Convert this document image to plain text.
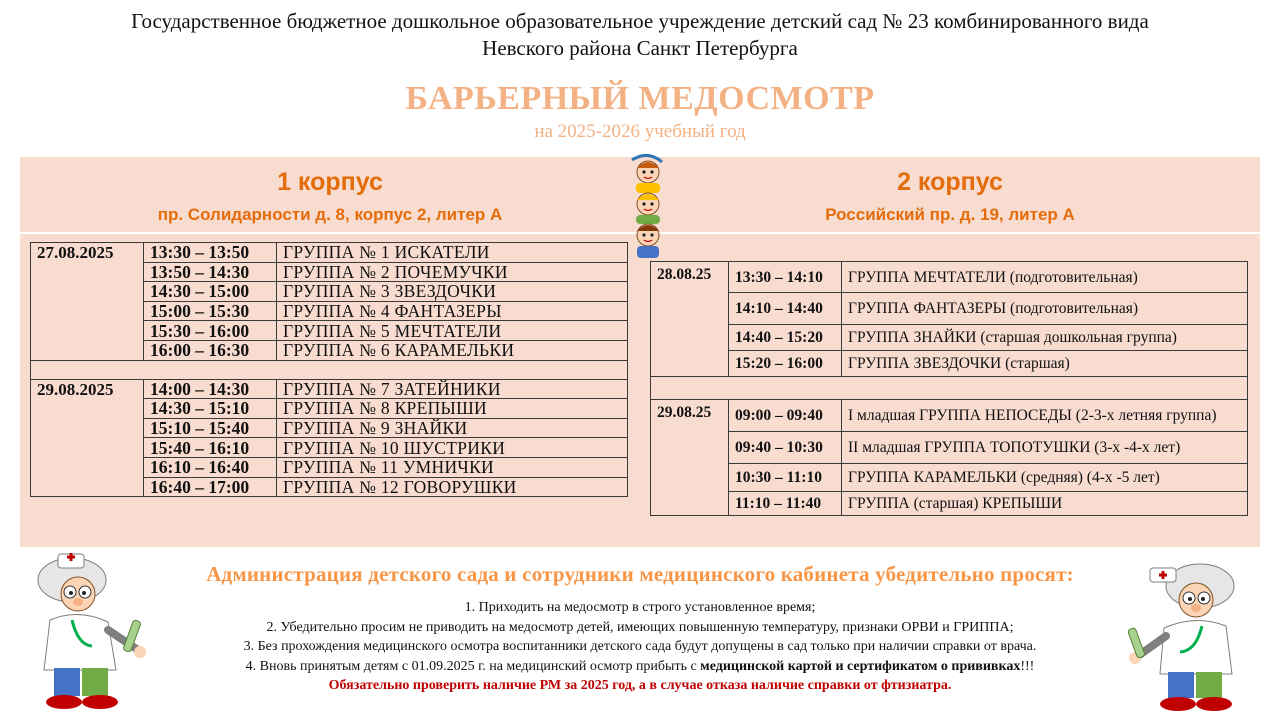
Государственное бюджетное дошкольное образовательное учреждение детский сад № 23 комбинированного вида
Невского района Санкт Петербурга
БАРЬЕРНЫЙ МЕДОСМОТР
на 2025-2026 учебный год
1 корпус
пр. Солидарности д. 8, корпус 2, литер А
2 корпус
Российский пр. д. 19, литер А
27.08.2025	13:30 – 13:50	ГРУППА № 1 ИСКАТЕЛИ
	13:50 – 14:30	ГРУППА № 2 ПОЧЕМУЧКИ
	14:30 – 15:00	ГРУППА № 3 ЗВЕЗДОЧКИ
	15:00 – 15:30	ГРУППА № 4 ФАНТАЗЕРЫ
	15:30 – 16:00	ГРУППА № 5 МЕЧТАТЕЛИ
	16:00 – 16:30	ГРУППА № 6 КАРАМЕЛЬКИ

29.08.2025	14:00 – 14:30	ГРУППА № 7 ЗАТЕЙНИКИ
	14:30 – 15:10	ГРУППА № 8 КРЕПЫШИ
	15:10 – 15:40	ГРУППА № 9 ЗНАЙКИ
	15:40 – 16:10	ГРУППА № 10 ШУСТРИКИ
	16:10 – 16:40	ГРУППА № 11 УМНИЧКИ
	16:40 – 17:00	ГРУППА № 12 ГОВОРУШКИ
28.08.25	13:30 – 14:10	ГРУППА МЕЧТАТЕЛИ (подготовительная)
	14:10 – 14:40	ГРУППА ФАНТАЗЕРЫ (подготовительная)
	14:40 – 15:20	ГРУППА ЗНАЙКИ (старшая дошкольная группа)
	15:20 – 16:00	ГРУППА ЗВЕЗДОЧКИ (старшая)

29.08.25	09:00 – 09:40	I младшая ГРУППА НЕПОСЕДЫ (2-3-х летняя группа)
	09:40 – 10:30	II младшая ГРУППА ТОПОТУШКИ (3-х -4-х лет)
	10:30 – 11:10	ГРУППА КАРАМЕЛЬКИ (средняя) (4-х -5 лет)
	11:10 – 11:40	ГРУППА (старшая) КРЕПЫШИ
Администрация детского сада и сотрудники медицинского кабинета убедительно просят:
1. Приходить на медосмотр в строго установленное время;
2. Убедительно просим не приводить на медосмотр детей, имеющих повышенную температуру, признаки ОРВИ и ГРИППА;
3. Без прохождения медицинского осмотра воспитанники детского сада будут допущены в сад только при наличии справки от врача.
4. Вновь принятым детям с 01.09.2025 г. на медицинский осмотр прибыть с медицинской картой и сертификатом о прививках!!!
Обязательно проверить наличие РМ за 2025 год, а в случае отказа наличие справки от фтизиатра.
